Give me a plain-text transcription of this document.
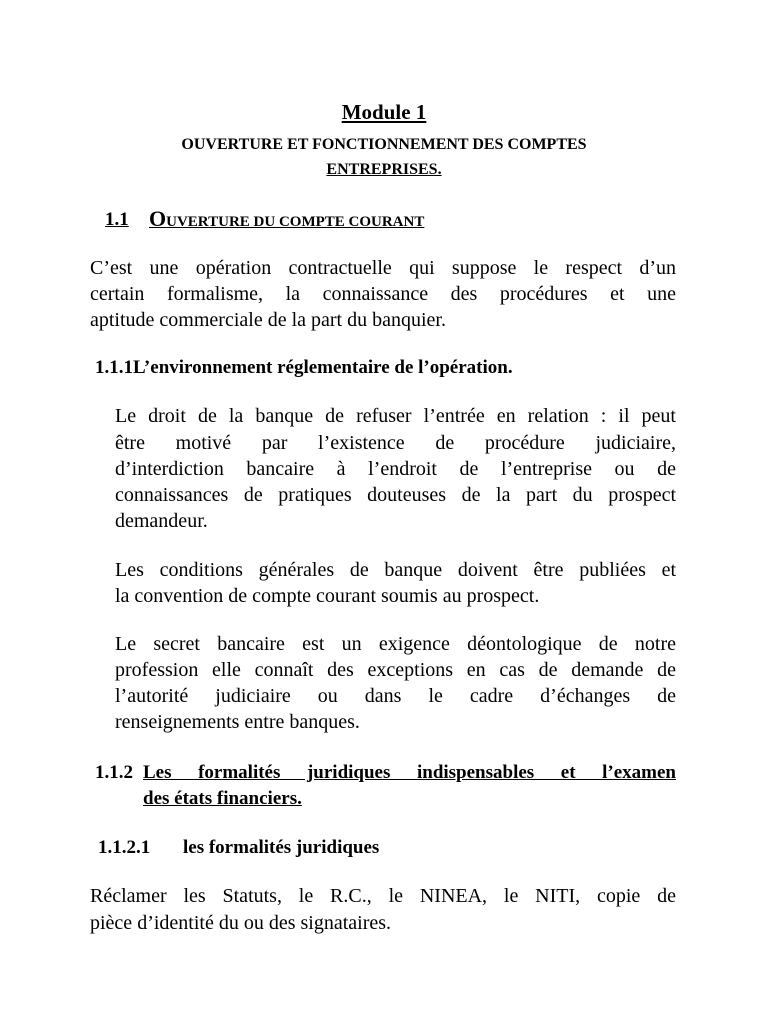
Module 1
OUVERTURE ET FONCTIONNEMENT DES COMPTES
ENTREPRISES.
1.1 OUVERTURE DU COMPTE COURANT
C’est une opération contractuelle qui suppose le respect d’un
certain formalisme, la connaissance des procédures et une
aptitude commerciale de la part du banquier.
1.1.1L’environnement réglementaire de l’opération.
Le droit de la banque de refuser l’entrée en relation : il peut
être motivé par l’existence de procédure judiciaire,
d’interdiction bancaire à l’endroit de l’entreprise ou de
connaissances de pratiques douteuses de la part du prospect
demandeur.
Les conditions générales de banque doivent être publiées et
la convention de compte courant soumis au prospect.
Le secret bancaire est un exigence déontologique de notre
profession elle connaît des exceptions en cas de demande de
l’autorité judiciaire ou dans le cadre d’échanges de
renseignements entre banques.
1.1.2 Les formalités juridiques indispensables et l’examen
des états financiers.
1.1.2.1 les formalités juridiques
Réclamer les Statuts, le R.C., le NINEA, le NITI, copie de
pièce d’identité du ou des signataires.
